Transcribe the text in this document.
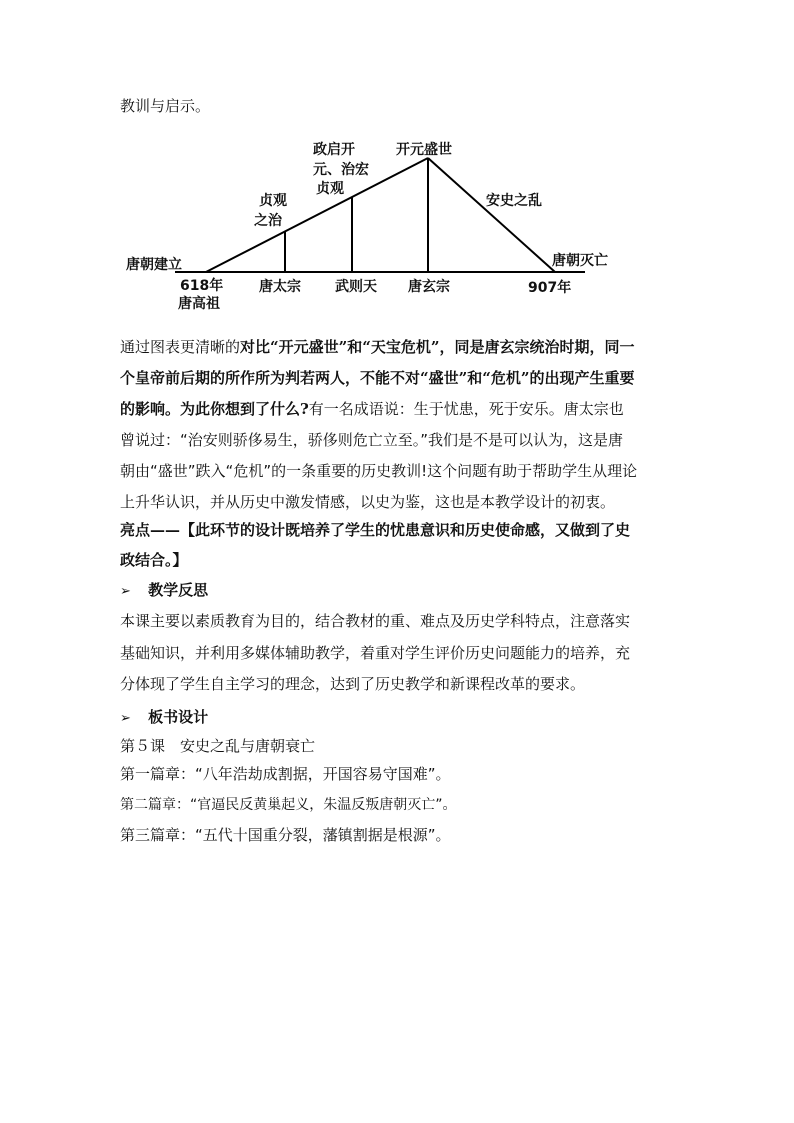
教训与启示。
唐朝建立
618年
唐高祖
贞观
之治
唐太宗
政启开
元、治宏
贞观
武则天
开元盛世
唐玄宗
安史之乱
唐朝灭亡
907年
通过图表更清晰的对比“开元盛世”和“天宝危机”，同是唐玄宗统治时期，同一
个皇帝前后期的所作所为判若两人，不能不对“盛世”和“危机”的出现产生重要
的影响。为此你想到了什么?有一名成语说：生于忧患，死于安乐。唐太宗也
曾说过：“治安则骄侈易生，骄侈则危亡立至。”我们是不是可以认为，这是唐
朝由“盛世”跌入“危机”的一条重要的历史教训!这个问题有助于帮助学生从理论
上升华认识，并从历史中激发情感，以史为鉴，这也是本教学设计的初衷。
亮点——【此环节的设计既培养了学生的忧患意识和历史使命感，又做到了史
政结合。】
➢ 教学反思
本课主要以素质教育为目的，结合教材的重、难点及历史学科特点，注意落实
基础知识，并利用多媒体辅助教学，着重对学生评价历史问题能力的培养，充
分体现了学生自主学习的理念，达到了历史教学和新课程改革的要求。
➢ 板书设计
第５课　安史之乱与唐朝衰亡
第一篇章：“八年浩劫成割据，开国容易守国难”。
第二篇章：“官逼民反黄巢起义，朱温反叛唐朝灭亡”。
第三篇章：“五代十国重分裂，藩镇割据是根源”。
